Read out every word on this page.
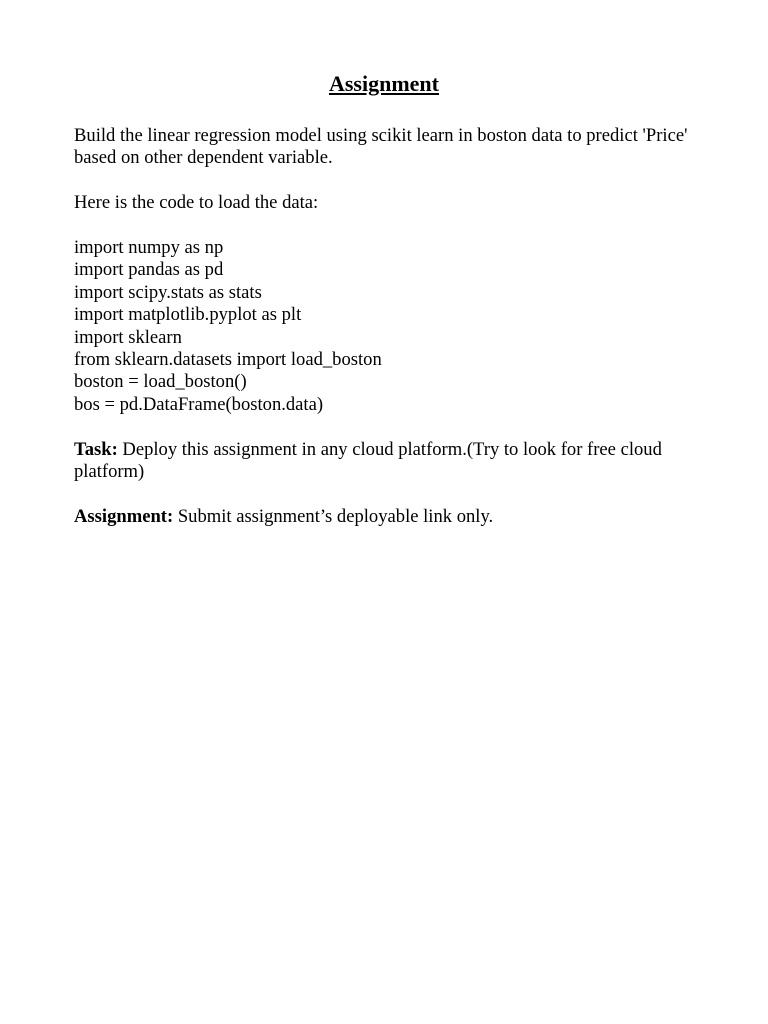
Assignment

Build the linear regression model using scikit learn in boston data to predict 'Price' based on other dependent variable.

Here is the code to load the data:

import numpy as np
import pandas as pd
import scipy.stats as stats
import matplotlib.pyplot as plt
import sklearn
from sklearn.datasets import load_boston
boston = load_boston()
bos = pd.DataFrame(boston.data)

Task: Deploy this assignment in any cloud platform.(Try to look for free cloud platform)

Assignment: Submit assignment’s deployable link only.
